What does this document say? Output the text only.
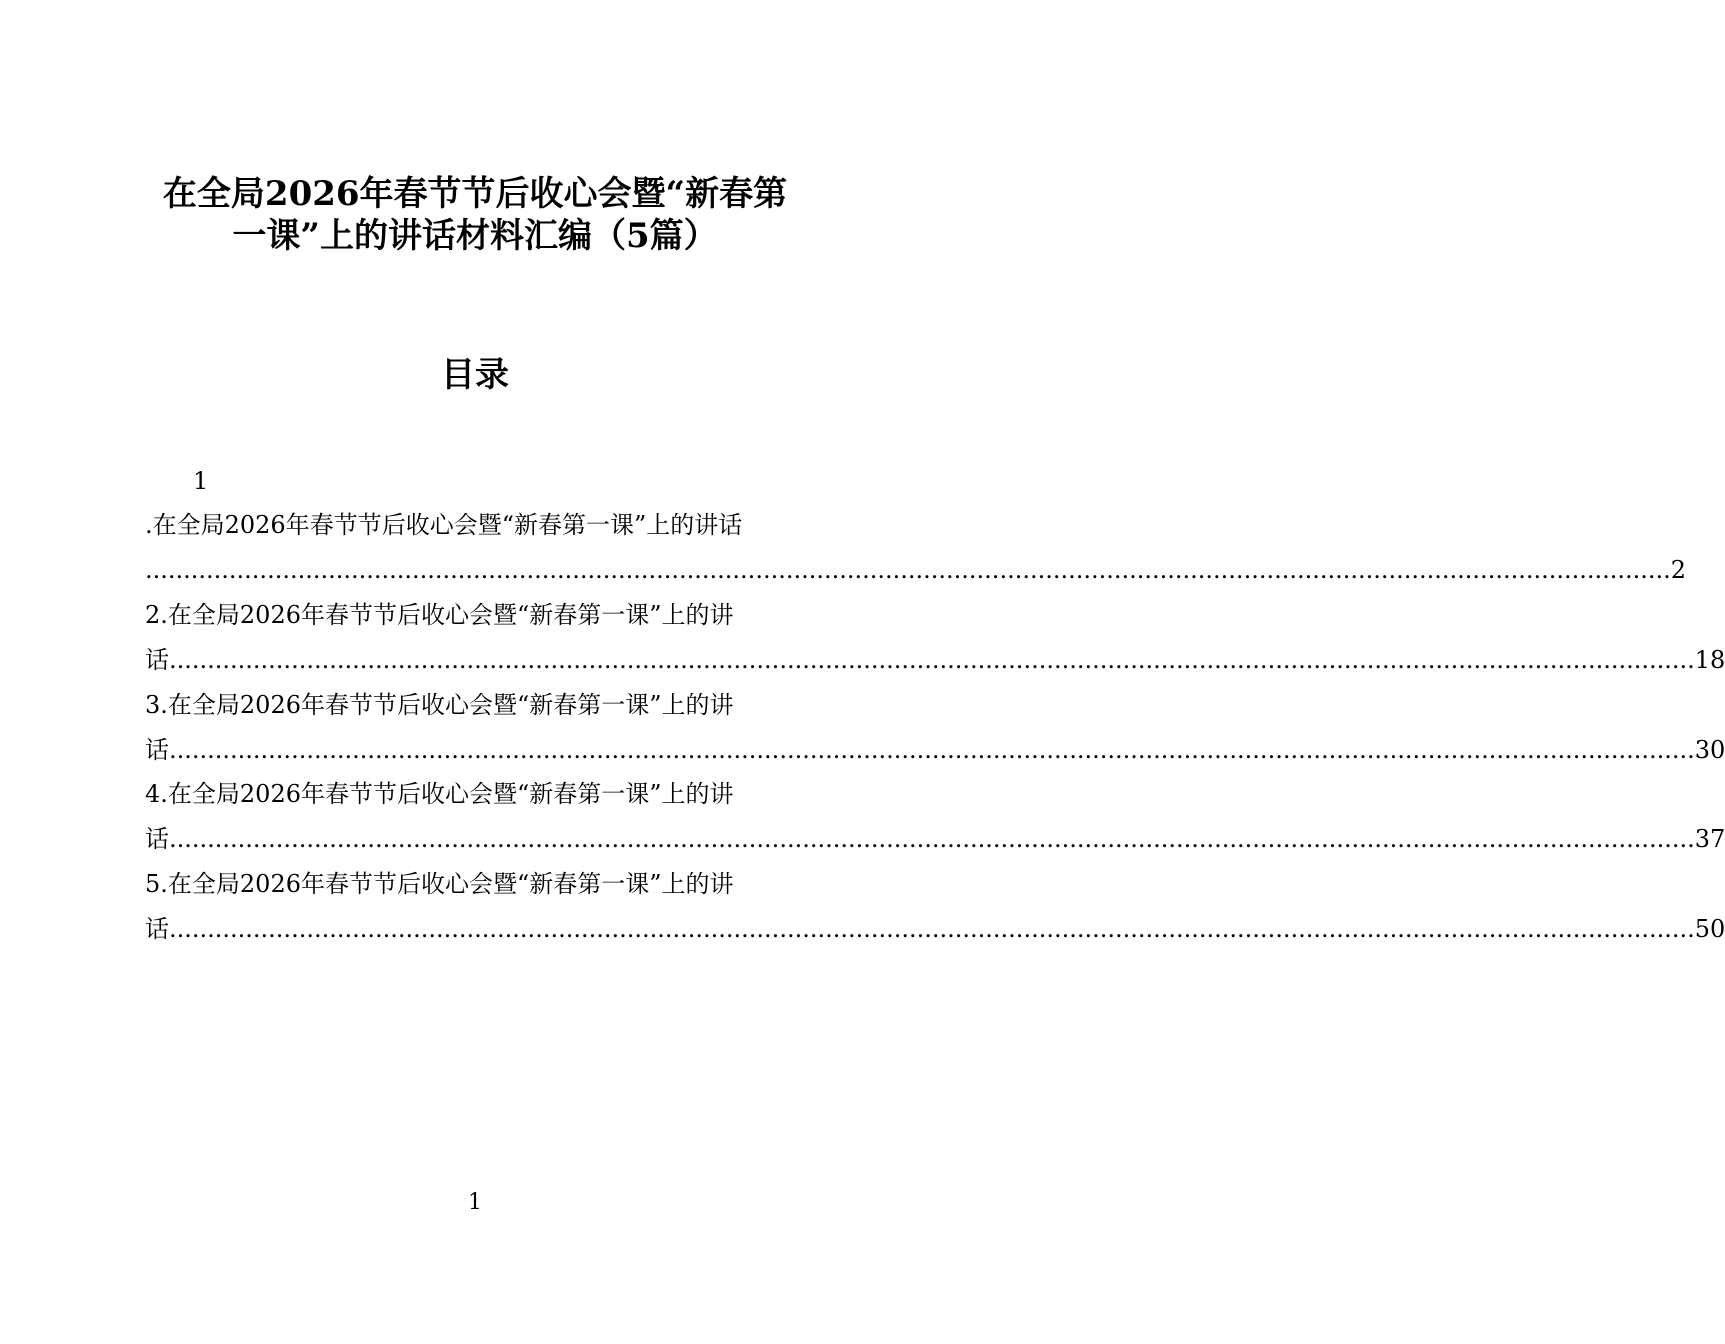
在全局2026年春节节后收心会暨“新春第
一课”上的讲话材料汇编（5篇）
目录
1
.在全局2026年春节节后收心会暨“新春第一课”上的讲话
........................................................................................................................................................................................................ 2
2.在全局2026年春节节后收心会暨“新春第一课”上的讲
话 ........................................................................................................................................................................................................ 18
3.在全局2026年春节节后收心会暨“新春第一课”上的讲
话 ........................................................................................................................................................................................................ 30
4.在全局2026年春节节后收心会暨“新春第一课”上的讲
话 ........................................................................................................................................................................................................ 37
5.在全局2026年春节节后收心会暨“新春第一课”上的讲
话 ........................................................................................................................................................................................................ 50
1
